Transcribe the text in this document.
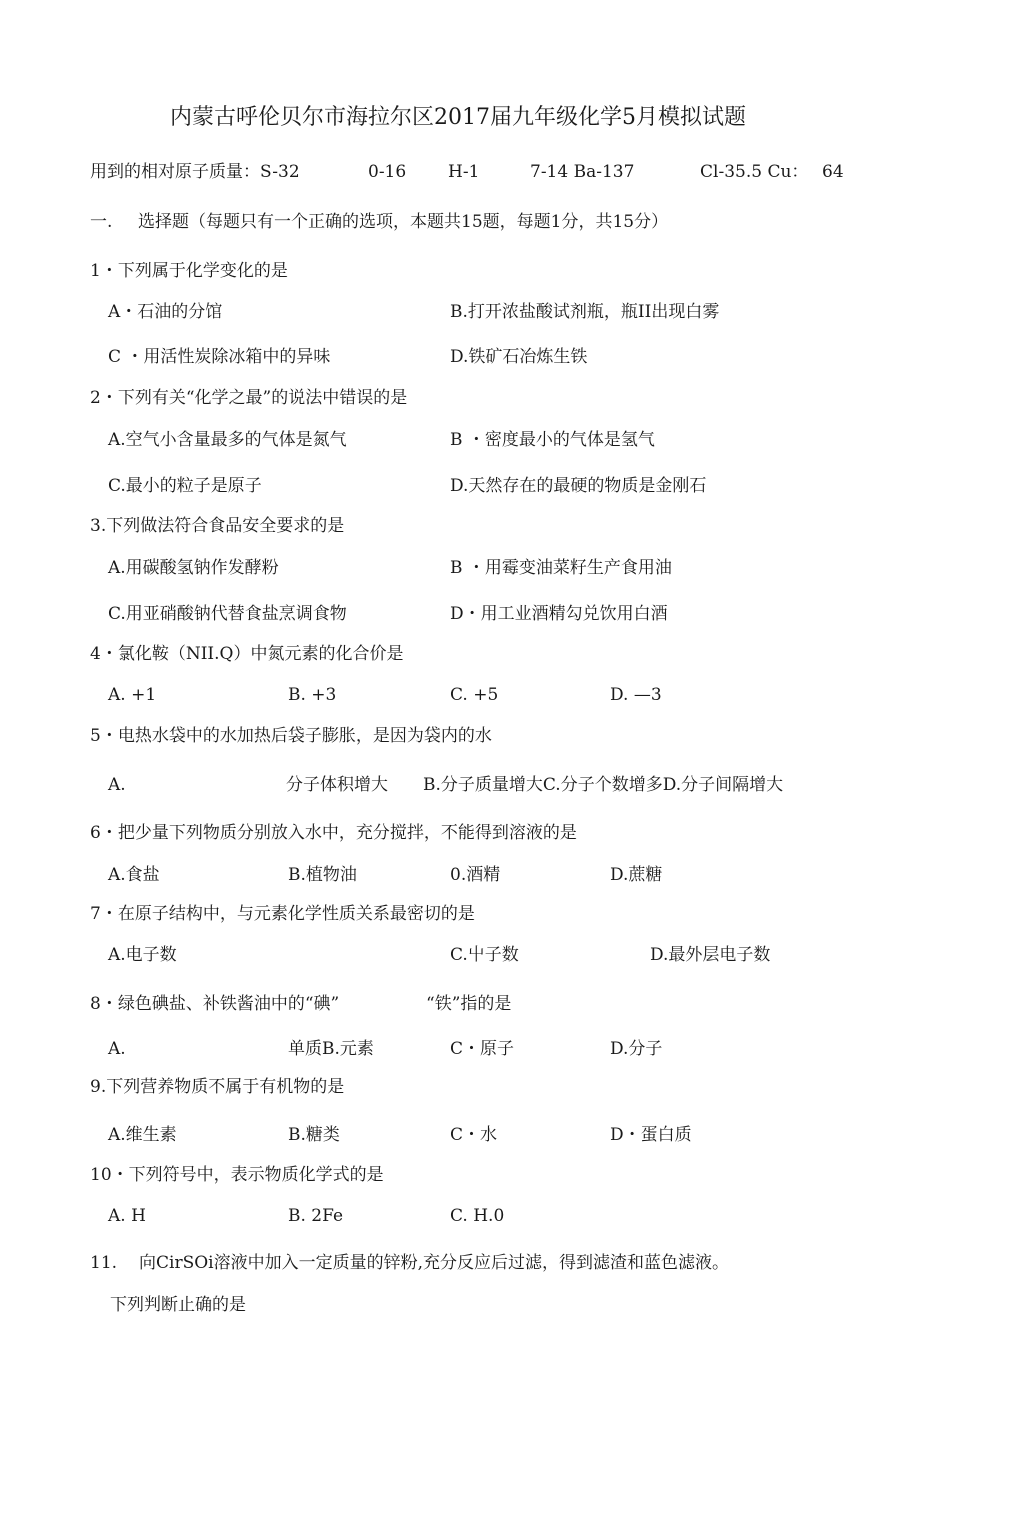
内蒙古呼伦贝尔市海拉尔区2017届九年级化学5月模拟试题
用到的相对原子质量：S-32	0-16 H-1	7-14 Ba-137	Cl-35.5 Cu： 64
一. 选择题（每题只有一个正确的选项，本题共15题，每题1分，共15分）
1・下列属于化学变化的是
A・石油的分馆	B.打开浓盐酸试剂瓶，瓶II出现白雾
C ・用活性炭除冰箱中的异味	D.铁矿石冶炼生铁
2・下列有关“化学之最”的说法中错误的是
A.空气小含量最多的气体是氮气	B ・密度最小的气体是氢气
C.最小的粒子是原子	D.天然存在的最硬的物质是金刚石
3.下列做法符合食品安全要求的是
A.用碳酸氢钠作发酵粉	B ・用霉变油菜籽生产食用油
C.用亚硝酸钠代替食盐烹调食物	D・用工业酒精勾兑饮用白酒
4・氯化鞍（NII.Q）中氮元素的化合价是
A. +1	B. +3	C. +5	D. —3
5・电热水袋中的水加热后袋子膨胀，是因为袋内的水
A.	分子体积增大 B.分子质量增大C.分子个数增多D.分子间隔增大
6・把少量下列物质分别放入水中，充分搅拌，不能得到溶液的是
A.食盐	B.植物油	0.酒精	D.蔗糖
7・在原子结构中，与元素化学性质关系最密切的是
A.电子数	C.屮子数	D.最外层电子数
8・绿色碘盐、补铁酱油中的“碘”	“铁”指的是
A.	单质B.元素	C・原子	D.分子
9.下列营养物质不属于有机物的是
A.维生素	B.糖类	C・水	D・蛋白质
10・下列符号中，表示物质化学式的是
A. H	B. 2Fe	C. H.0
11. 向CirSOi溶液中加入一定质量的锌粉,充分反应后过滤，得到滤渣和蓝色滤液。
下列判断止确的是
